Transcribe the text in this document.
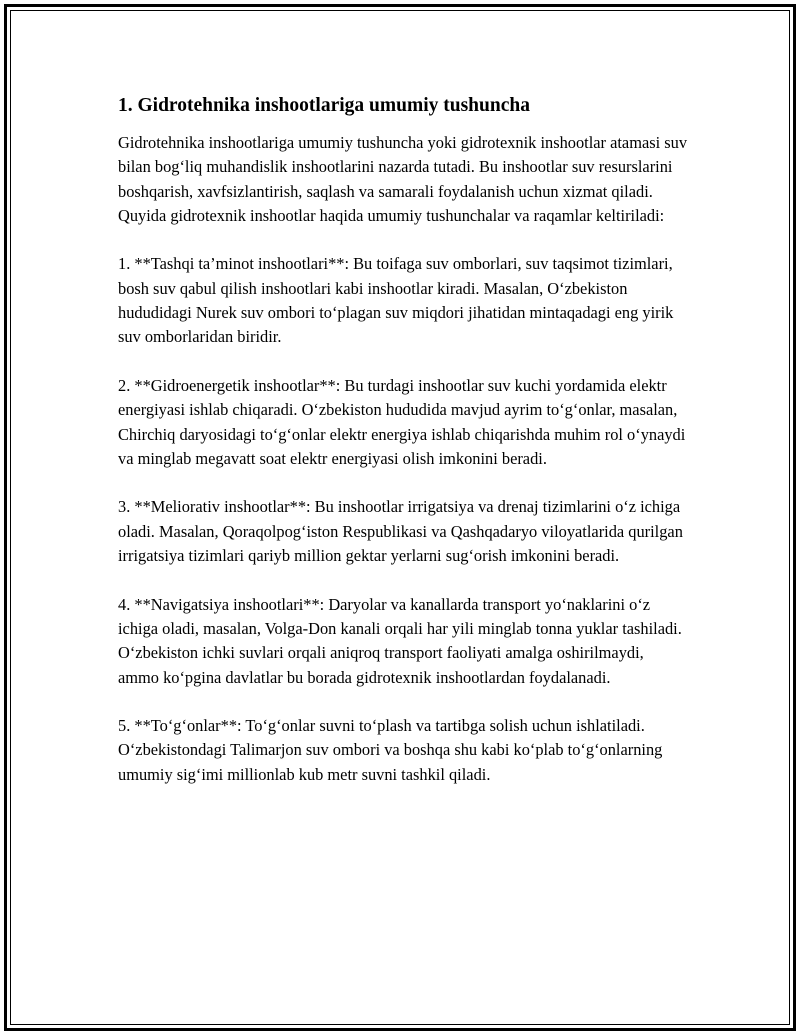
1. Gidrotehnika inshootlariga umumiy tushuncha

Gidrotehnika inshootlariga umumiy tushuncha yoki gidrotexnik inshootlar atamasi suv bilan bog‘liq muhandislik inshootlarini nazarda tutadi. Bu inshootlar suv resurslarini boshqarish, xavfsizlantirish, saqlash va samarali foydalanish uchun xizmat qiladi. Quyida gidrotexnik inshootlar haqida umumiy tushunchalar va raqamlar keltiriladi:

1. **Tashqi ta’minot inshootlari**: Bu toifaga suv omborlari, suv taqsimot tizimlari, bosh suv qabul qilish inshootlari kabi inshootlar kiradi. Masalan, O‘zbekiston hududidagi Nurek suv ombori to‘plagan suv miqdori jihatidan mintaqadagi eng yirik suv omborlaridan biridir.

2. **Gidroenergetik inshootlar**: Bu turdagi inshootlar suv kuchi yordamida elektr energiyasi ishlab chiqaradi. O‘zbekiston hududida mavjud ayrim to‘g‘onlar, masalan, Chirchiq daryosidagi to‘g‘onlar elektr energiya ishlab chiqarishda muhim rol o‘ynaydi va minglab megavatt soat elektr energiyasi olish imkonini beradi.

3. **Meliorativ inshootlar**: Bu inshootlar irrigatsiya va drenaj tizimlarini o‘z ichiga oladi. Masalan, Qoraqolpog‘iston Respublikasi va Qashqadaryo viloyatlarida qurilgan irrigatsiya tizimlari qariyb million gektar yerlarni sug‘orish imkonini beradi.

4. **Navigatsiya inshootlari**: Daryolar va kanallarda transport yo‘naklarini o‘z ichiga oladi, masalan, Volga-Don kanali orqali har yili minglab tonna yuklar tashiladi. O‘zbekiston ichki suvlari orqali aniqroq transport faoliyati amalga oshirilmaydi, ammo ko‘pgina davlatlar bu borada gidrotexnik inshootlardan foydalanadi.

5. **To‘g‘onlar**: To‘g‘onlar suvni to‘plash va tartibga solish uchun ishlatiladi. O‘zbekistondagi Talimarjon suv ombori va boshqa shu kabi ko‘plab to‘g‘onlarning umumiy sig‘imi millionlab kub metr suvni tashkil qiladi.
